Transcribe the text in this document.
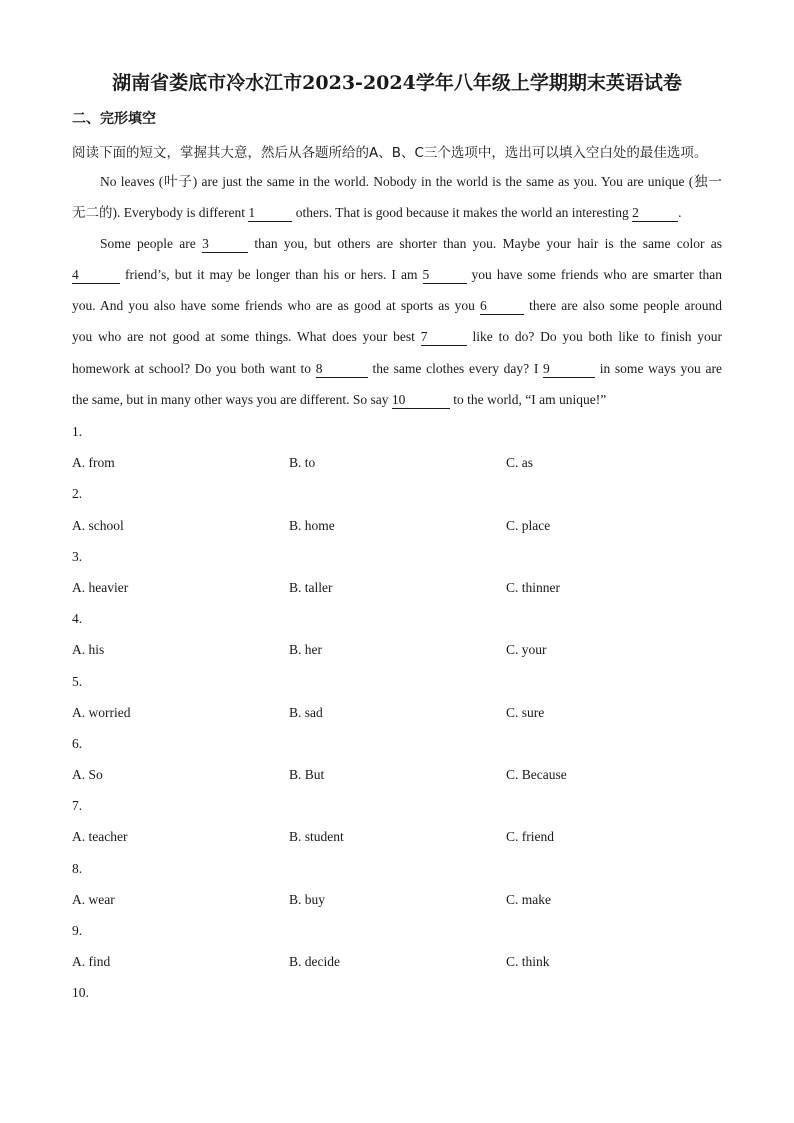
湖南省娄底市冷水江市2023-2024学年八年级上学期期末英语试卷
二、完形填空
阅读下面的短文，掌握其大意，然后从各题所给的A、B、C三个选项中，选出可以填入空白处的最佳选项。
No leaves (叶子) are just the same in the world. Nobody in the world is the same as you. You are unique (独一
无二的). Everybody is different 1	others. That is good because it makes the world an interesting 2	.
Some people are 3	than you, but others are shorter than you. Maybe your hair is the same color as
4	friend’s, but it may be longer than his or hers. I am 5	you have some friends who are smarter than
you. And you also have some friends who are as good at sports as you 6	there are also some people around
you who are not good at some things. What does your best 7	like to do? Do you both like to finish your
homework at school? Do you both want to 8	the same clothes every day? I 9	in some ways you are
the same, but in many other ways you are different. So say 10	to the world, “I am unique!”
1.
A. from	B. to	C. as
2.
A. school	B. home	C. place
3.
A. heavier	B. taller	C. thinner
4.
A. his	B. her	C. your
5.
A. worried	B. sad	C. sure
6.
A. So	B. But	C. Because
7.
A. teacher	B. student	C. friend
8.
A. wear	B. buy	C. make
9.
A. find	B. decide	C. think
10.
